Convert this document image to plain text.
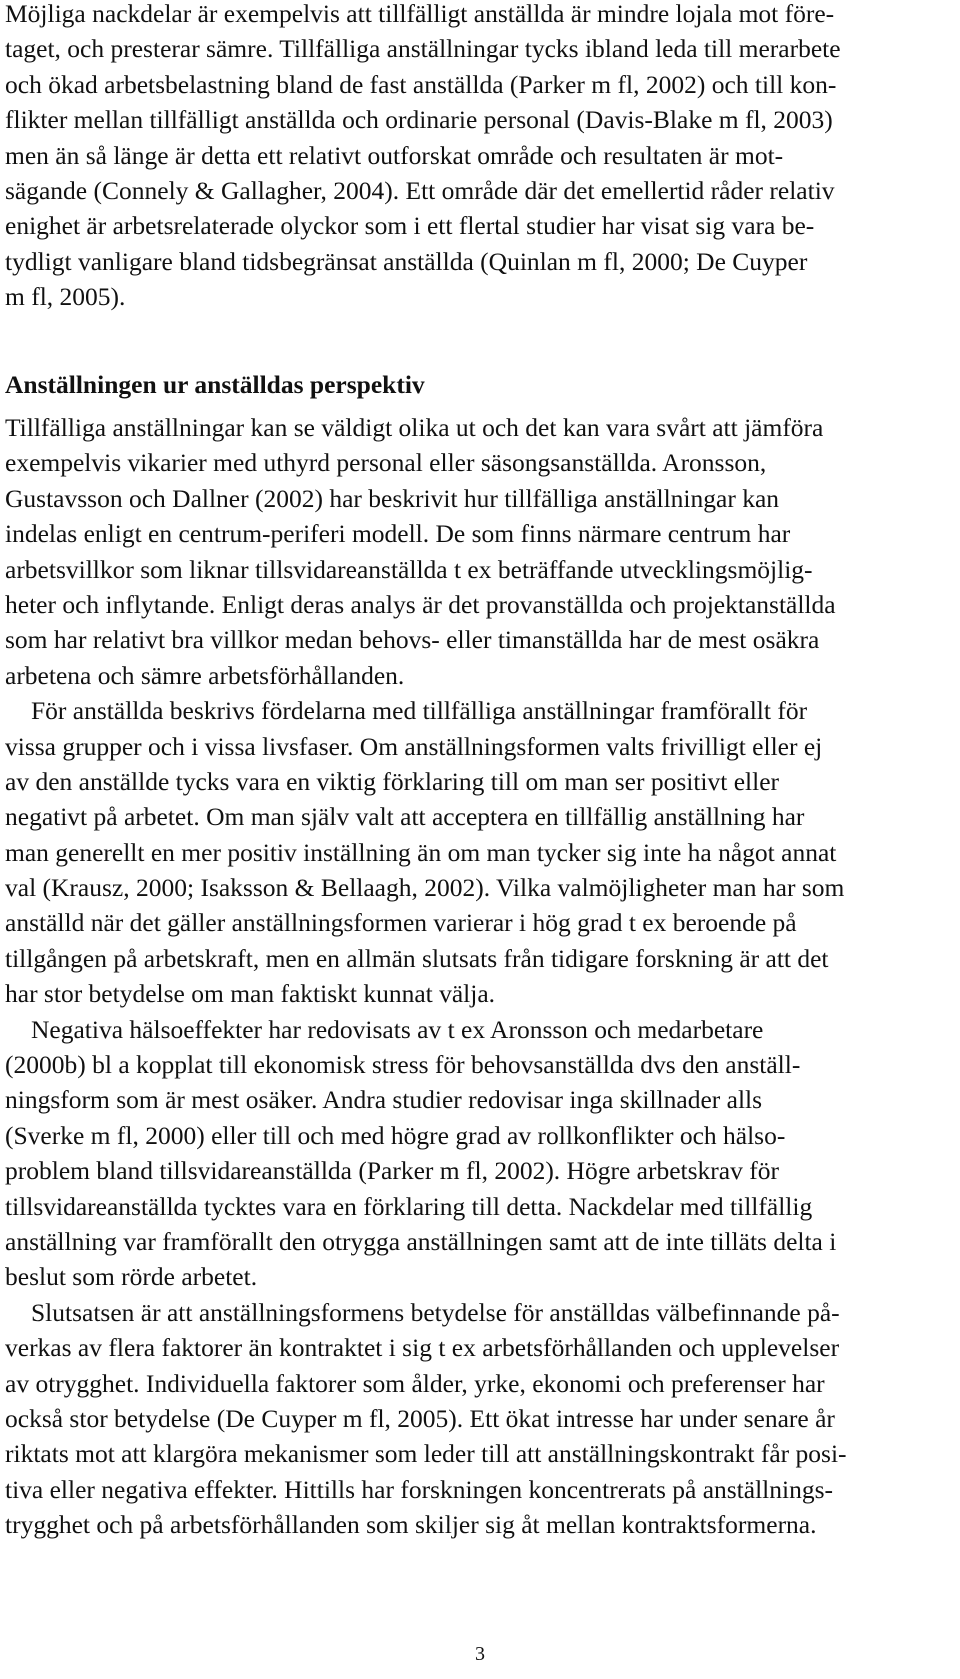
Möjliga nackdelar är exempelvis att tillfälligt anställda är mindre lojala mot före-
taget, och presterar sämre. Tillfälliga anställningar tycks ibland leda till merarbete
och ökad arbetsbelastning bland de fast anställda (Parker m fl, 2002) och till kon-
flikter mellan tillfälligt anställda och ordinarie personal (Davis-Blake m fl, 2003)
men än så länge är detta ett relativt outforskat område och resultaten är mot-
sägande (Connely & Gallagher, 2004). Ett område där det emellertid råder relativ
enighet är arbetsrelaterade olyckor som i ett flertal studier har visat sig vara be-
tydligt vanligare bland tidsbegränsat anställda (Quinlan m fl, 2000; De Cuyper
m fl, 2005).
Anställningen ur anställdas perspektiv
Tillfälliga anställningar kan se väldigt olika ut och det kan vara svårt att jämföra
exempelvis vikarier med uthyrd personal eller säsongsanställda. Aronsson,
Gustavsson och Dallner (2002) har beskrivit hur tillfälliga anställningar kan
indelas enligt en centrum-periferi modell. De som finns närmare centrum har
arbetsvillkor som liknar tillsvidareanställda t ex beträffande utvecklingsmöjlig-
heter och inflytande. Enligt deras analys är det provanställda och projektanställda
som har relativt bra villkor medan behovs- eller timanställda har de mest osäkra
arbetena och sämre arbetsförhållanden.
För anställda beskrivs fördelarna med tillfälliga anställningar framförallt för
vissa grupper och i vissa livsfaser. Om anställningsformen valts frivilligt eller ej
av den anställde tycks vara en viktig förklaring till om man ser positivt eller
negativt på arbetet. Om man själv valt att acceptera en tillfällig anställning har
man generellt en mer positiv inställning än om man tycker sig inte ha något annat
val (Krausz, 2000; Isaksson & Bellaagh, 2002). Vilka valmöjligheter man har som
anställd när det gäller anställningsformen varierar i hög grad t ex beroende på
tillgången på arbetskraft, men en allmän slutsats från tidigare forskning är att det
har stor betydelse om man faktiskt kunnat välja.
Negativa hälsoeffekter har redovisats av t ex Aronsson och medarbetare
(2000b) bl a kopplat till ekonomisk stress för behovsanställda dvs den anställ-
ningsform som är mest osäker. Andra studier redovisar inga skillnader alls
(Sverke m fl, 2000) eller till och med högre grad av rollkonflikter och hälso-
problem bland tillsvidareanställda (Parker m fl, 2002). Högre arbetskrav för
tillsvidareanställda tycktes vara en förklaring till detta. Nackdelar med tillfällig
anställning var framförallt den otrygga anställningen samt att de inte tilläts delta i
beslut som rörde arbetet.
Slutsatsen är att anställningsformens betydelse för anställdas välbefinnande på-
verkas av flera faktorer än kontraktet i sig t ex arbetsförhållanden och upplevelser
av otrygghet. Individuella faktorer som ålder, yrke, ekonomi och preferenser har
också stor betydelse (De Cuyper m fl, 2005). Ett ökat intresse har under senare år
riktats mot att klargöra mekanismer som leder till att anställningskontrakt får posi-
tiva eller negativa effekter. Hittills har forskningen koncentrerats på anställnings-
trygghet och på arbetsförhållanden som skiljer sig åt mellan kontraktsformerna.
3
